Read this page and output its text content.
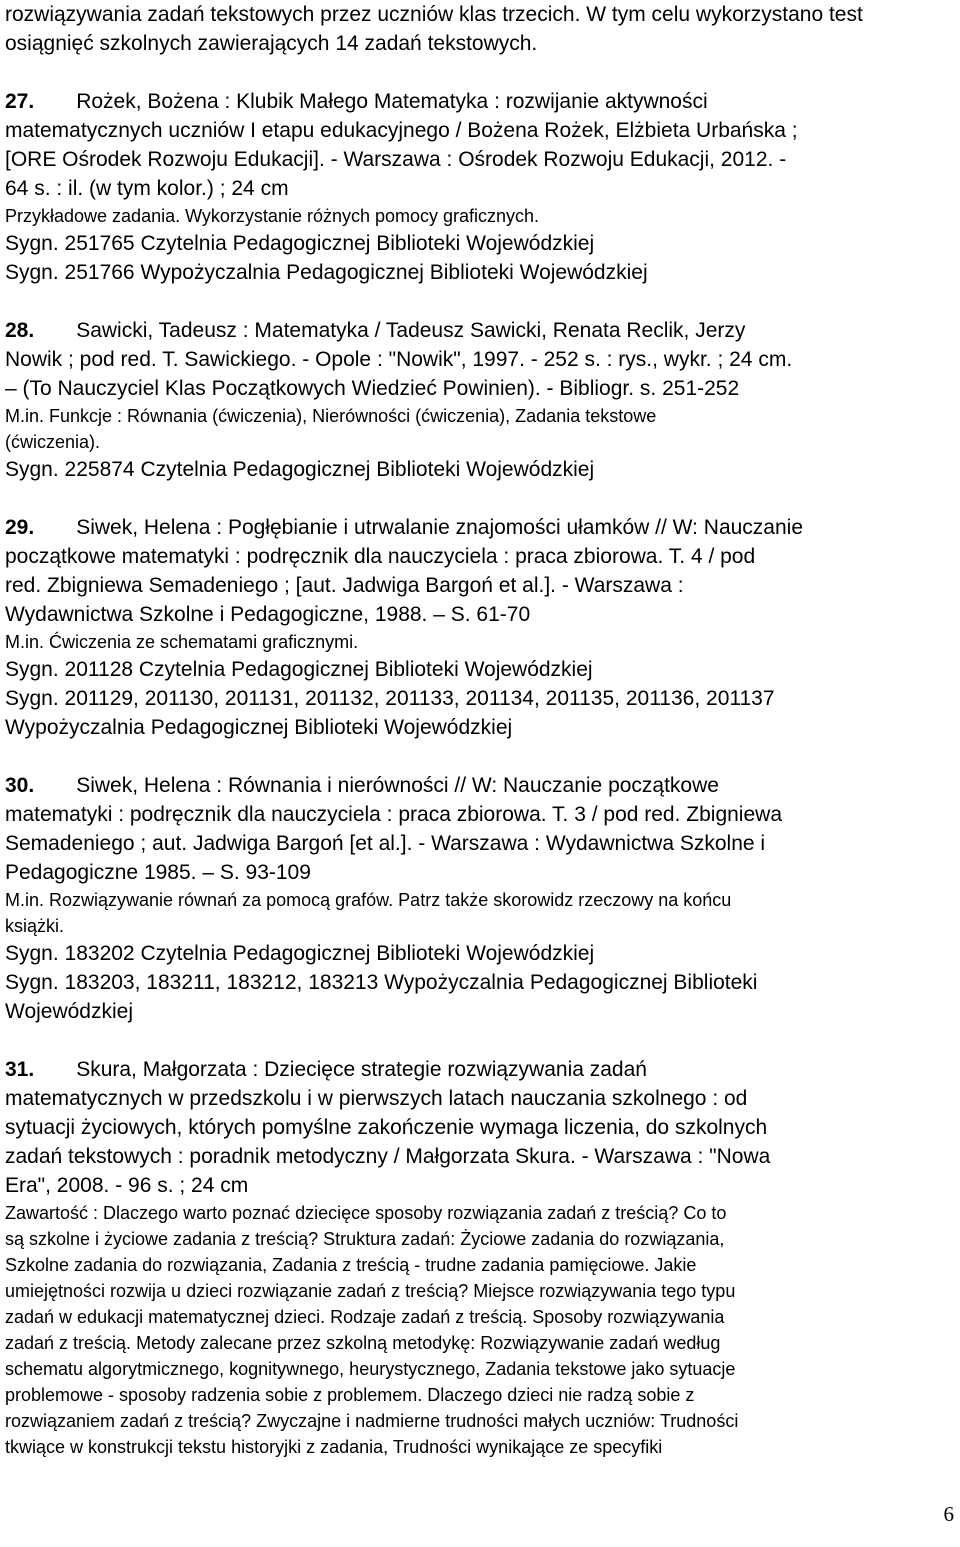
rozwiązywania zadań tekstowych przez uczniów klas trzecich. W tym celu wykorzystano test

osiągnięć szkolnych zawierających 14 zadań tekstowych.

27. Rożek, Bożena : Klubik Małego Matematyka : rozwijanie aktywności

matematycznych uczniów I etapu edukacyjnego / Bożena Rożek, Elżbieta Urbańska ;

[ORE Ośrodek Rozwoju Edukacji]. - Warszawa : Ośrodek Rozwoju Edukacji, 2012. -

64 s. : il. (w tym kolor.) ; 24 cm

Przykładowe zadania. Wykorzystanie różnych pomocy graficznych.

Sygn. 251765 Czytelnia Pedagogicznej Biblioteki Wojewódzkiej

Sygn. 251766 Wypożyczalnia Pedagogicznej Biblioteki Wojewódzkiej

28. Sawicki, Tadeusz : Matematyka / Tadeusz Sawicki, Renata Reclik, Jerzy

Nowik ; pod red. T. Sawickiego. - Opole : "Nowik", 1997. - 252 s. : rys., wykr. ; 24 cm.

– (To Nauczyciel Klas Początkowych Wiedzieć Powinien). - Bibliogr. s. 251-252

M.in. Funkcje : Równania (ćwiczenia), Nierówności (ćwiczenia), Zadania tekstowe

(ćwiczenia).

Sygn. 225874 Czytelnia Pedagogicznej Biblioteki Wojewódzkiej

29. Siwek, Helena : Pogłębianie i utrwalanie znajomości ułamków // W: Nauczanie

początkowe matematyki : podręcznik dla nauczyciela : praca zbiorowa. T. 4 / pod

red. Zbigniewa Semadeniego ; [aut. Jadwiga Bargoń et al.]. - Warszawa :

Wydawnictwa Szkolne i Pedagogiczne, 1988. – S. 61-70

M.in. Ćwiczenia ze schematami graficznymi.

Sygn. 201128 Czytelnia Pedagogicznej Biblioteki Wojewódzkiej

Sygn. 201129, 201130, 201131, 201132, 201133, 201134, 201135, 201136, 201137

Wypożyczalnia Pedagogicznej Biblioteki Wojewódzkiej

30. Siwek, Helena : Równania i nierówności // W: Nauczanie początkowe

matematyki : podręcznik dla nauczyciela : praca zbiorowa. T. 3 / pod red. Zbigniewa

Semadeniego ; aut. Jadwiga Bargoń [et al.]. - Warszawa : Wydawnictwa Szkolne i

Pedagogiczne 1985. – S. 93-109

M.in. Rozwiązywanie równań za pomocą grafów. Patrz także skorowidz rzeczowy na końcu

książki.

Sygn. 183202 Czytelnia Pedagogicznej Biblioteki Wojewódzkiej

Sygn. 183203, 183211, 183212, 183213 Wypożyczalnia Pedagogicznej Biblioteki

Wojewódzkiej

31. Skura, Małgorzata : Dziecięce strategie rozwiązywania zadań

matematycznych w przedszkolu i w pierwszych latach nauczania szkolnego : od

sytuacji życiowych, których pomyślne zakończenie wymaga liczenia, do szkolnych

zadań tekstowych : poradnik metodyczny / Małgorzata Skura. - Warszawa : "Nowa

Era", 2008. - 96 s. ; 24 cm

Zawartość : Dlaczego warto poznać dziecięce sposoby rozwiązania zadań z treścią? Co to

są szkolne i życiowe zadania z treścią? Struktura zadań: Życiowe zadania do rozwiązania,

Szkolne zadania do rozwiązania, Zadania z treścią - trudne zadania pamięciowe. Jakie

umiejętności rozwija u dzieci rozwiązanie zadań z treścią? Miejsce rozwiązywania tego typu

zadań w edukacji matematycznej dzieci. Rodzaje zadań z treścią. Sposoby rozwiązywania

zadań z treścią. Metody zalecane przez szkolną metodykę: Rozwiązywanie zadań według

schematu algorytmicznego, kognitywnego, heurystycznego, Zadania tekstowe jako sytuacje

problemowe - sposoby radzenia sobie z problemem. Dlaczego dzieci nie radzą sobie z

rozwiązaniem zadań z treścią? Zwyczajne i nadmierne trudności małych uczniów: Trudności

tkwiące w konstrukcji tekstu historyjki z zadania, Trudności wynikające ze specyfiki

6
